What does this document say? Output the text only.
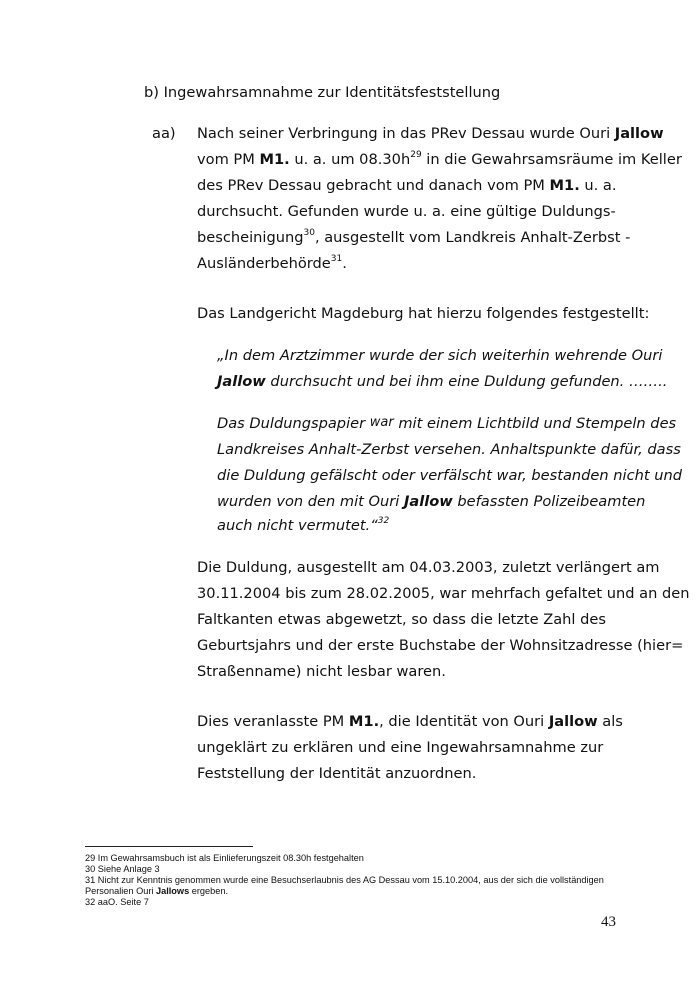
b) Ingewahrsamnahme zur Identitätsfeststellung
aa) Nach seiner Verbringung in das PRev Dessau wurde Ouri Jallow
vom PM M1. u. a. um $08.30h^{29}$ in die Gewahrsamsräume im Keller
des PRev Dessau gebracht und danach vom PM M1. u. a.
durchsucht. Gefunden wurde u. a. eine gültige Duldungs-
bescheinigung$^{30}$, ausgestellt vom Landkreis Anhalt-Zerbst -
Ausländerbehörde$^{31}$.
Das Landgericht Magdeburg hat hierzu folgendes festgestellt:
„In dem Arztzimmer wurde der sich weiterhin wehrende Ouri
Jallow durchsucht und bei ihm eine Duldung gefunden. ……..
Das Duldungspapier war mit einem Lichtbild und Stempeln des
Landkreises Anhalt-Zerbst versehen. Anhaltspunkte dafür, dass
die Duldung gefälscht oder verfälscht war, bestanden nicht und
wurden von den mit Ouri Jallow befassten Polizeibeamten
auch nicht vermutet.“$^{32}$
Die Duldung, ausgestellt am 04.03.2003, zuletzt verlängert am
30.11.2004 bis zum 28.02.2005, war mehrfach gefaltet und an den
Faltkanten etwas abgewetzt, so dass die letzte Zahl des
Geburtsjahrs und der erste Buchstabe der Wohnsitzadresse (hier=
Straßenname) nicht lesbar waren.
Dies veranlasste PM M1., die Identität von Ouri Jallow als
ungeklärt zu erklären und eine Ingewahrsamnahme zur
Feststellung der Identität anzuordnen.
29 Im Gewahrsamsbuch ist als Einlieferungszeit 08.30h festgehalten
30 Siehe Anlage 3
31 Nicht zur Kenntnis genommen wurde eine Besuchserlaubnis des AG Dessau vom 15.10.2004, aus der sich die vollständigen
Personalien Ouri Jallows ergeben.
32 aaO. Seite 7
43
